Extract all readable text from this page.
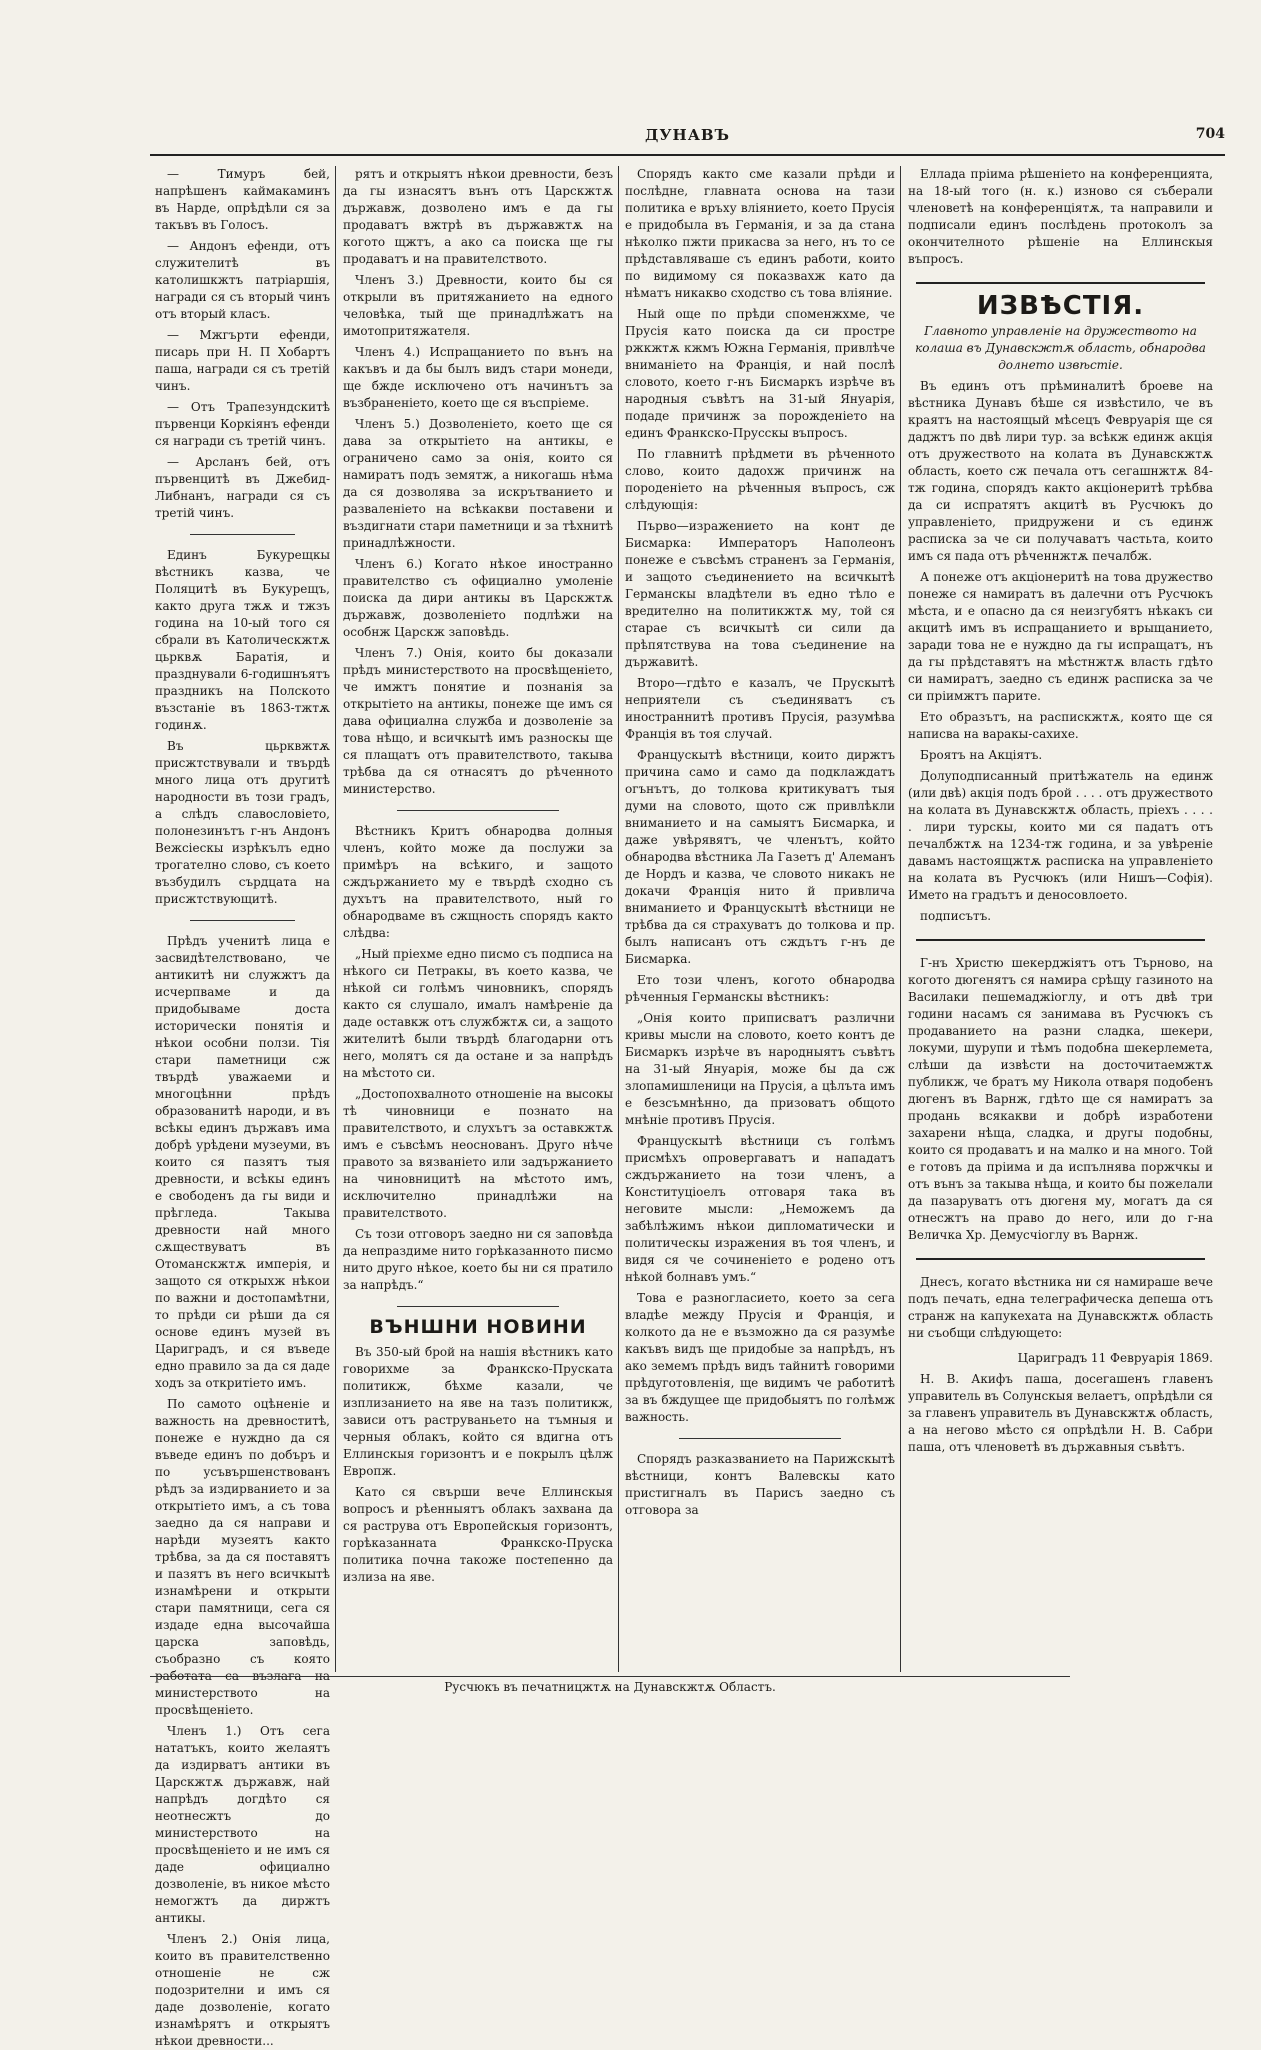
ДУНАВЪ	704

— Тимуръ бей, напрѣшенъ каймакаминъ въ Нарде, опрѣдѣли ся за такъвъ въ Голосъ.

— Андонъ ефенди, отъ служителитѣ въ католишкжтъ патріаршія, награди ся съ вторый чинъ отъ вторый класъ.

— Мжгърти ефенди, писарь при Н. П Хобартъ паша, награди ся съ третій чинъ.

— Отъ Трапезундскитѣ първенци Коркіянъ ефенди ся награди съ третій чинъ.

— Арсланъ бей, отъ първенцитѣ въ Джебид-Либнанъ, награди ся съ третій чинъ.

Единъ Букурещкы вѣстникъ казва, че Поляцитѣ въ Букурещъ, както друга тжѫ и тжзъ година на 10-ый того ся сбрали въ Католическжтѫ цьрквѫ Баратія, и празднували 6-годишнъятъ праздникъ на Полското възстаніе въ 1863-тжтѫ годинѫ.

Въ цьрквжтѫ присжтствували и твърдѣ много лица отъ другитѣ народности въ този градъ, а слѣдъ славословіето, полонезинътъ г-нъ Андонъ Вежсіескы изрѣкълъ едно трогателно слово, съ което възбудилъ сърдцата на присжтствующитѣ.

Прѣдъ ученитѣ лица е засвидѣтелствовано, че антикитѣ ни служжтъ да исчерпваме и да придобываме доста исторически понятія и нѣкои особни ползи. Тія стари паметници сж твърдѣ уважаеми и многоцѣнни прѣдъ образованитѣ народи, и въ всѣкы единъ държавъ има добрѣ урѣдени музеуми, въ които ся пазятъ тыя древности, и всѣкы единъ е свободенъ да гы види и прѣгледа. Такыва древности най много сѫществуватъ въ Отоманскжтѫ имперія, и защото ся открыхж нѣкои по важни и достопамѣтни, то прѣди си рѣши да ся основе единъ музей въ Цариградъ, и ся въведе едно правило за да ся даде ходъ за откритіето имъ.

По самото оцѣненіе и важность на древноститѣ, понеже е нуждно да ся въведе единъ по добъръ и по усъвършенствованъ рѣдъ за издирванието и за открытіето имъ, а съ това заедно да ся направи и нарѣди музеятъ както трѣбва, за да ся поставятъ и пазятъ въ него всичкытѣ изнамѣрени и открыти стари памятници, сега ся издаде една высочайша царска заповѣдь, съобразно съ която работата са възлага на министерството на просвѣщеніето.

Членъ 1.) Отъ сега нататъкъ, които желаятъ да издирватъ антики въ Царскжтѫ държавж, най напрѣдъ догдѣто ся неотнесжтъ до министерството на просвѣщеніето и не имъ ся даде официално дозволеніе, въ никое мѣсто немогжтъ да диржтъ антикы.

Членъ 2.) Онія лица, които въ правителственно отношеніе не сж подозрителни и имъ ся даде дозволеніе, когато изнамѣрятъ и открыятъ нѣкои древности...

рятъ и открыятъ нѣкои древности, безъ да гы изнасятъ вънъ отъ Царскжтѫ държавж, дозволено имъ е да гы продаватъ вжтрѣ въ държавжтѫ на когото щжтъ, а ако са поиска ще гы продаватъ и на правителството.

Членъ 3.) Древности, които бы ся открыли въ притяжанието на едного человѣка, тый ще принадлѣжатъ на имотопритяжателя.

Членъ 4.) Испращанието по вънъ на какъвъ и да бы былъ видъ стари монеди, ще бжде исключено отъ начинътъ за възбраненіето, което ще ся въспріеме.

Членъ 5.) Дозволеніето, което ще ся дава за открытіето на антикы, е ограничено само за онія, които ся намиратъ подъ земятж, а никогашь нѣма да ся дозволява за искрътванието и разваленіето на всѣкакви поставени и въздигнати стари паметници и за тѣхнитѣ принадлѣжности.

Членъ 6.) Когато нѣкое иностранно правителство съ официално умоленіе поиска да дири антикы въ Царскжтѫ държавж, дозволеніето подлѣжи на особнж Царскж заповѣдь.

Членъ 7.) Онія, които бы доказали прѣдъ министерството на просвѣщеніето, че имжтъ понятие и познанія за открытіето на антикы, понеже ще имъ ся дава официална служба и дозволеніе за това нѣщо, и всичкытѣ имъ разноскы ще ся плащатъ отъ правителството, такыва трѣбва да ся отнасятъ до рѣченното министерство.

Вѣстникъ Критъ обнародва долныя членъ, който може да послужи за примѣръ на всѣкиго, и защото сждържанието му е твърдѣ сходно съ духътъ на правителството, ный го обнародваме въ сжщность спорядъ както слѣдва:

„Ный пріехме едно писмо съ подписа на нѣкого си Петракы, въ което казва, че нѣкой си голѣмъ чиновникъ, спорядъ както ся слушало, ималъ намѣреніе да даде оставкж отъ службжтѫ си, а защото жителитѣ были твърдѣ благодарни отъ него, молятъ ся да остане и за напрѣдъ на мѣстото си.

„Достопохвалното отношеніе на высокы тѣ чиновници е познато на правителството, и слухътъ за оставкжтѫ имъ е съвсѣмъ неоснованъ. Друго нѣче правото за вязваніето или задържанието на чиновницитѣ на мѣстото имъ, исключително принадлѣжи на правителството.

Съ този отговоръ заедно ни ся заповѣда да непраздиме нито горѣказанното писмо нито друго нѣкое, което бы ни ся пратило за напрѣдъ.“

ВЪНШНИ НОВИНИ

Въ 350-ый брой на нашія вѣстникъ като говорихме за Франкско-Пруската политикж, бѣхме казали, че изплизанието на яве на тазъ политикж, зависи отъ раструваньето на тъмныя и черныя облакъ, който ся вдигна отъ Еллинскыя горизонтъ и е покрылъ цѣлж Европж.

Като ся свърши вече Еллинскыя вопросъ и рѣенныятъ облакъ захвана да ся раструва отъ Европейскыя горизонтъ, горѣказанната Франкско-Пруска политика почна такоже постепенно да излиза на яве.

Спорядъ както сме казали прѣди и послѣдне, главната основа на тази политика е връху вліянието, което Прусія е придобыла въ Германія, и за да стана нѣколко пжти прикасва за него, нъ то се прѣдставляваше съ единъ работи, които по видимому ся показвахж като да нѣматъ никакво сходство съ това вліяние.

Ный още по прѣди споменжхме, че Прусія като поиска да си простре ржкжтѫ кжмъ Южна Германія, привлѣче вниманіето на Франція, и най послѣ словото, което г-нъ Бисмаркъ изрѣче въ народныя съвѣтъ на 31-ый Януарія, подаде причинж за порожденіето на единъ Франкско-Прусскы въпросъ.

По главнитѣ прѣдмети въ рѣченното слово, които дадохж причинж на породеніето на рѣченныя въпросъ, сж слѣдующія:

Първо—изражението на конт де Бисмарка: Императоръ Наполеонъ понеже е съвсѣмъ страненъ за Германія, и защото съединението на всичкытѣ Германскы владѣтели въ едно тѣло е вредително на политикжтѫ му, той ся старае съ всичкытѣ си сили да прѣпятствува на това съединение на държавитѣ.

Второ—гдѣто е казалъ, че Прускытѣ неприятели съ съединяватъ съ иностраннитѣ противъ Прусія, разумѣва Франція въ тоя случай.

Францускытѣ вѣстници, които диржтъ причина само и само да подклаждатъ огънътъ, до толкова критикуватъ тыя думи на словото, щото сж привлѣкли вниманието и на самыятъ Бисмарка, и даже увѣрявятъ, че членътъ, който обнародва вѣстника Ла Газетъ д' Алеманъ де Нордъ и казва, че словото никакъ не докачи Франція нито й привлича вниманието и Францускытѣ вѣстници не трѣбва да ся страхуватъ до толкова и пр. былъ написанъ отъ сждътъ г-нъ де Бисмарка.

Ето този членъ, когото обнародва рѣченныя Германскы вѣстникъ:

„Онія които приписватъ различни кривы мысли на словото, което контъ де Бисмаркъ изрѣче въ народныятъ съвѣтъ на 31-ый Януарія, може бы да сж злопамишленици на Прусія, а цѣлъта имъ е безсъмнѣнно, да призоватъ общото мнѣніе противъ Прусія.

Францускытѣ вѣстници съ голѣмъ присмѣхъ опровергаватъ и нападатъ сждържанието на този членъ, а Конституціоелъ отговаря така въ неговите мысли: „Неможемъ да забѣлѣжимъ нѣкои дипломатически и политическы изражения въ тоя членъ, и видя ся че сочиненіето е родено отъ нѣкой болнавъ умъ.“

Това е разногласието, което за сега владѣе между Прусія и Франція, и колкото да не е възможно да ся разумѣе какъвъ видъ ще придобые за напрѣдъ, нъ ако земемъ прѣдъ видъ тайнитѣ говорими прѣдуготовленія, ще видимъ че работитѣ за въ бждущее ще придобыятъ по голѣмж важность.

Спорядъ разказванието на Парижскытѣ вѣстници, контъ Валевскы като пристигналъ въ Парисъ заедно съ отговора за

Еллада пріима рѣшеніето на конференцията, на 18-ый того (н. к.) изново ся съберали членоветѣ на конференціятѫ, та направили и подписали единъ послѣдень протоколъ за окончителното рѣшеніе на Еллинскыя въпросъ.

ИЗВѢСТІЯ.

Главното управленіе на дружеството на колаша въ Дунавскжтѫ область, обнародва долнето извѣстіе.

Въ единъ отъ прѣминалитѣ броеве на вѣстника Дунавъ бѣше ся извѣстило, че въ краятъ на настоящый мѣсецъ Февруарія ще ся даджтъ по двѣ лири тур. за всѣкж единж акція отъ дружеството на колата въ Дунавскжтѫ область, което сж печала отъ сегашнжтѫ 84-тж година, спорядъ както акціонеритѣ трѣбва да си испратятъ акцитѣ въ Русчюкъ до управленіето, придружени и съ единж расписка за че си получаватъ частьта, които имъ ся пада отъ рѣченнжтѫ печалбж.

А понеже отъ акціонеритѣ на това дружество понеже ся намиратъ въ далечни отъ Русчюкъ мѣста, и е опасно да ся неизгубятъ нѣкакъ си акцитѣ имъ въ испращанието и врыщанието, заради това не е нуждно да гы испращатъ, нъ да гы прѣдставятъ на мѣстнжтѫ власть гдѣто си намиратъ, заедно съ единж расписка за че си пріимжтъ парите.

Ето образътъ, на распискжтѫ, която ще ся написва на варакы-сахихе.

Броятъ на Акціятъ.

Долуподписанный притѣжатель на единж (или двѣ) акція подъ брой . . . . отъ дружеството на колата въ Дунавскжтѫ область, пріехъ . . . . . лири турскы, които ми ся падатъ отъ печалбжтѫ на 1234-тж година, и за увѣреніе давамъ настоящжтѫ расписка на управленіето на колата въ Русчюкъ (или Нишъ—Софія). Името на градътъ и деносовлоето.

подписътъ.

Г-нъ Христю шекерджіятъ отъ Търново, на когото дюгенятъ ся намира срѣщу газиното на Василаки пешемаджіоглу, и отъ двѣ три години насамъ ся занимава въ Русчюкъ съ продаванието на разни сладка, шекери, локуми, шурупи и тѣмъ подобна шекерлемета, слѣши да извѣсти на досточитаемжтѫ публикж, че братъ му Никола отваря подобенъ дюгенъ въ Варнж, гдѣто ще ся намиратъ за продань всякакви и добрѣ изработени захарени нѣща, сладка, и другы подобны, които ся продаватъ и на малко и на много. Той е готовъ да пріима и да испълнява поржчкы и отъ вънъ за такыва нѣща, и които бы пожелали да пазаруватъ отъ дюгеня му, могатъ да ся отнесжтъ на право до него, или до г-на Величка Хр. Демусчіоглу въ Варнж.

Днесъ, когато вѣстника ни ся намираше вече подъ печать, една телеграфическа депеша отъ странж на капукехата на Дунавскжтѫ область ни съобщи слѣдующето:

Цариградъ 11 Февруарія 1869.

Н. В. Акифъ паша, досегашенъ главенъ управитель въ Солунскыя велаетъ, опрѣдѣли ся за главенъ управитель въ Дунавскжтѫ область, а на негово мѣсто ся опрѣдѣли Н. В. Сабри паша, отъ членоветѣ въ държавныя съвѣтъ.

Русчюкъ въ печатницжтѫ на Дунавскжтѫ Областъ.
